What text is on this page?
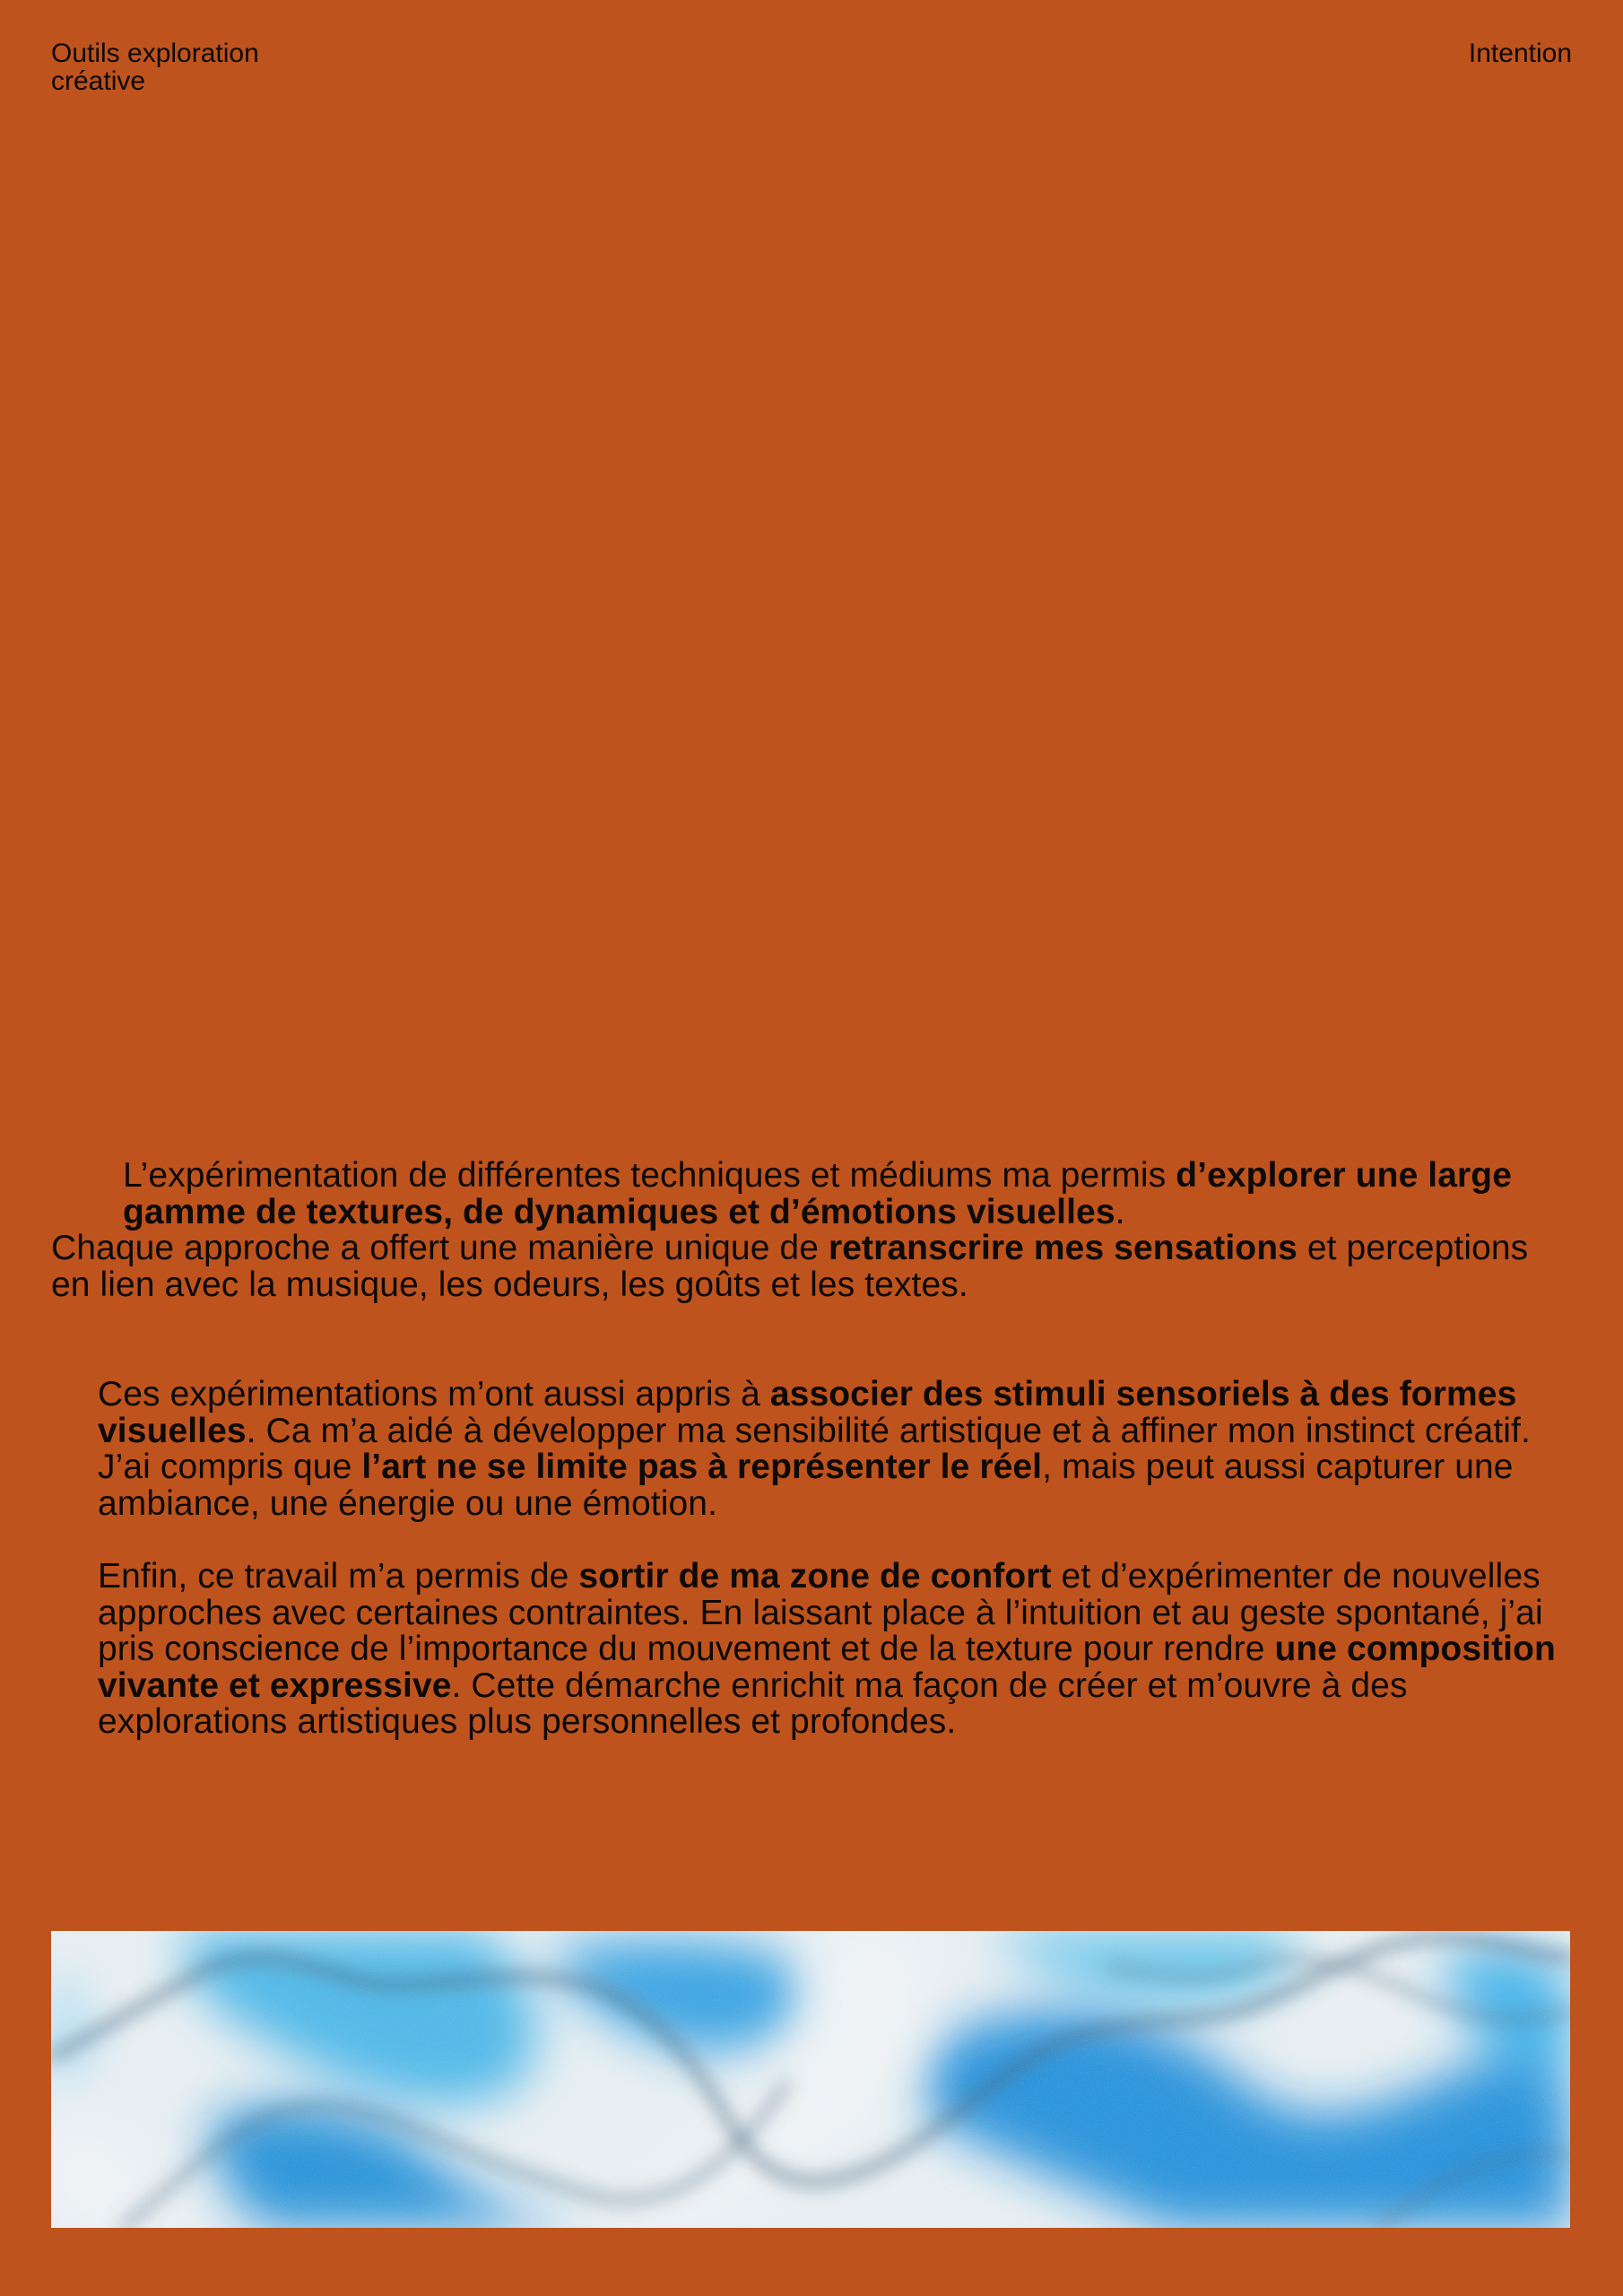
Outils exploration
créative
Intention

L’expérimentation de différentes techniques et médiums ma permis d’explorer une large gamme de textures, de dynamiques et d’émotions visuelles.

Chaque approche a offert une manière unique de retranscrire mes sensations et perceptions en lien avec la musique, les odeurs, les goûts et les textes.

Ces expérimentations m’ont aussi appris à associer des stimuli sensoriels à des formes visuelles. Ca m’a aidé à développer ma sensibilité artistique et à affiner mon instinct créatif. J’ai compris que l’art ne se limite pas à représenter le réel, mais peut aussi capturer une ambiance, une énergie ou une émotion.

Enfin, ce travail m’a permis de sortir de ma zone de confort et d’expérimenter de nouvelles approches avec certaines contraintes. En laissant place à l’intuition et au geste spontané, j’ai pris conscience de l’importance du mouvement et de la texture pour rendre une composition vivante et expressive. Cette démarche enrichit ma façon de créer et m’ouvre à des explorations artistiques plus personnelles et profondes.
